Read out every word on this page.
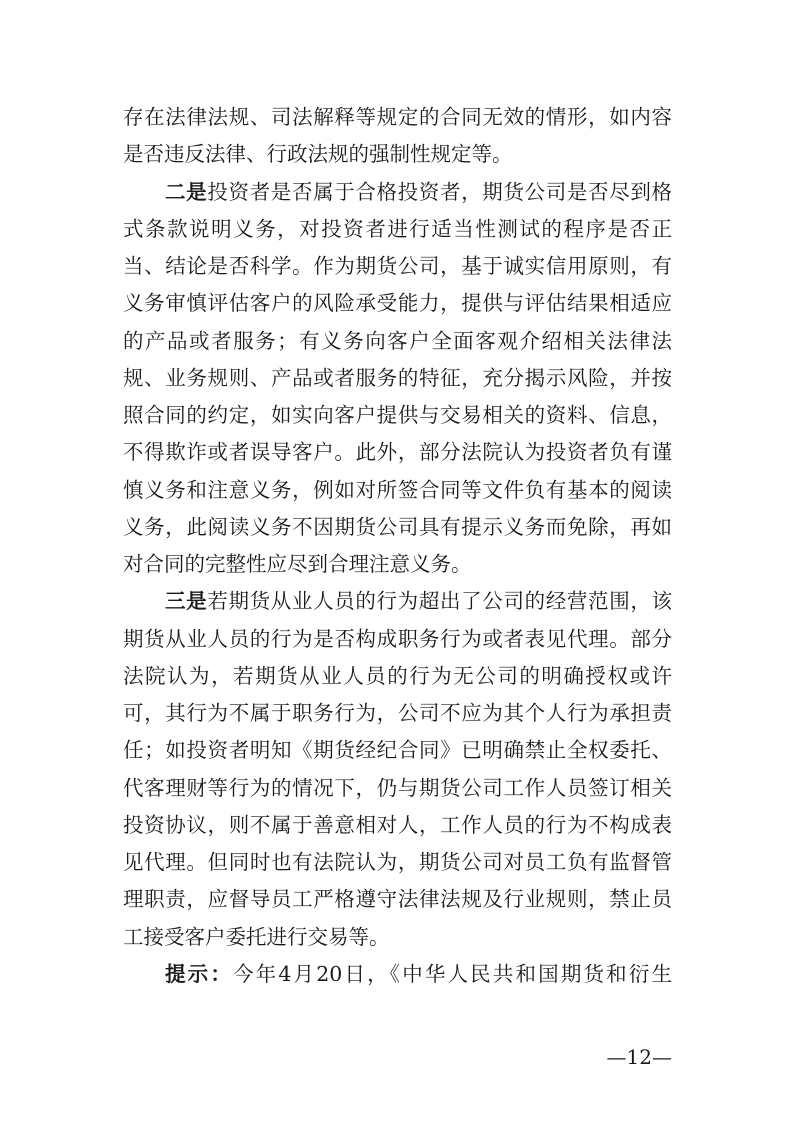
存在法律法规、司法解释等规定的合同无效的情形，如内容
是否违反法律、行政法规的强制性规定等。
二是投资者是否属于合格投资者，期货公司是否尽到格
式条款说明义务，对投资者进行适当性测试的程序是否正
当、结论是否科学。作为期货公司，基于诚实信用原则，有
义务审慎评估客户的风险承受能力，提供与评估结果相适应
的产品或者服务；有义务向客户全面客观介绍相关法律法
规、业务规则、产品或者服务的特征，充分揭示风险，并按
照合同的约定，如实向客户提供与交易相关的资料、信息，
不得欺诈或者误导客户。此外，部分法院认为投资者负有谨
慎义务和注意义务，例如对所签合同等文件负有基本的阅读
义务，此阅读义务不因期货公司具有提示义务而免除，再如
对合同的完整性应尽到合理注意义务。
三是若期货从业人员的行为超出了公司的经营范围，该
期货从业人员的行为是否构成职务行为或者表见代理。部分
法院认为，若期货从业人员的行为无公司的明确授权或许
可，其行为不属于职务行为，公司不应为其个人行为承担责
任；如投资者明知《期货经纪合同》已明确禁止全权委托、
代客理财等行为的情况下，仍与期货公司工作人员签订相关
投资协议，则不属于善意相对人，工作人员的行为不构成表
见代理。但同时也有法院认为，期货公司对员工负有监督管
理职责，应督导员工严格遵守法律法规及行业规则，禁止员
工接受客户委托进行交易等。
提示：今年4月20日，《中华人民共和国期货和衍生
—12—
